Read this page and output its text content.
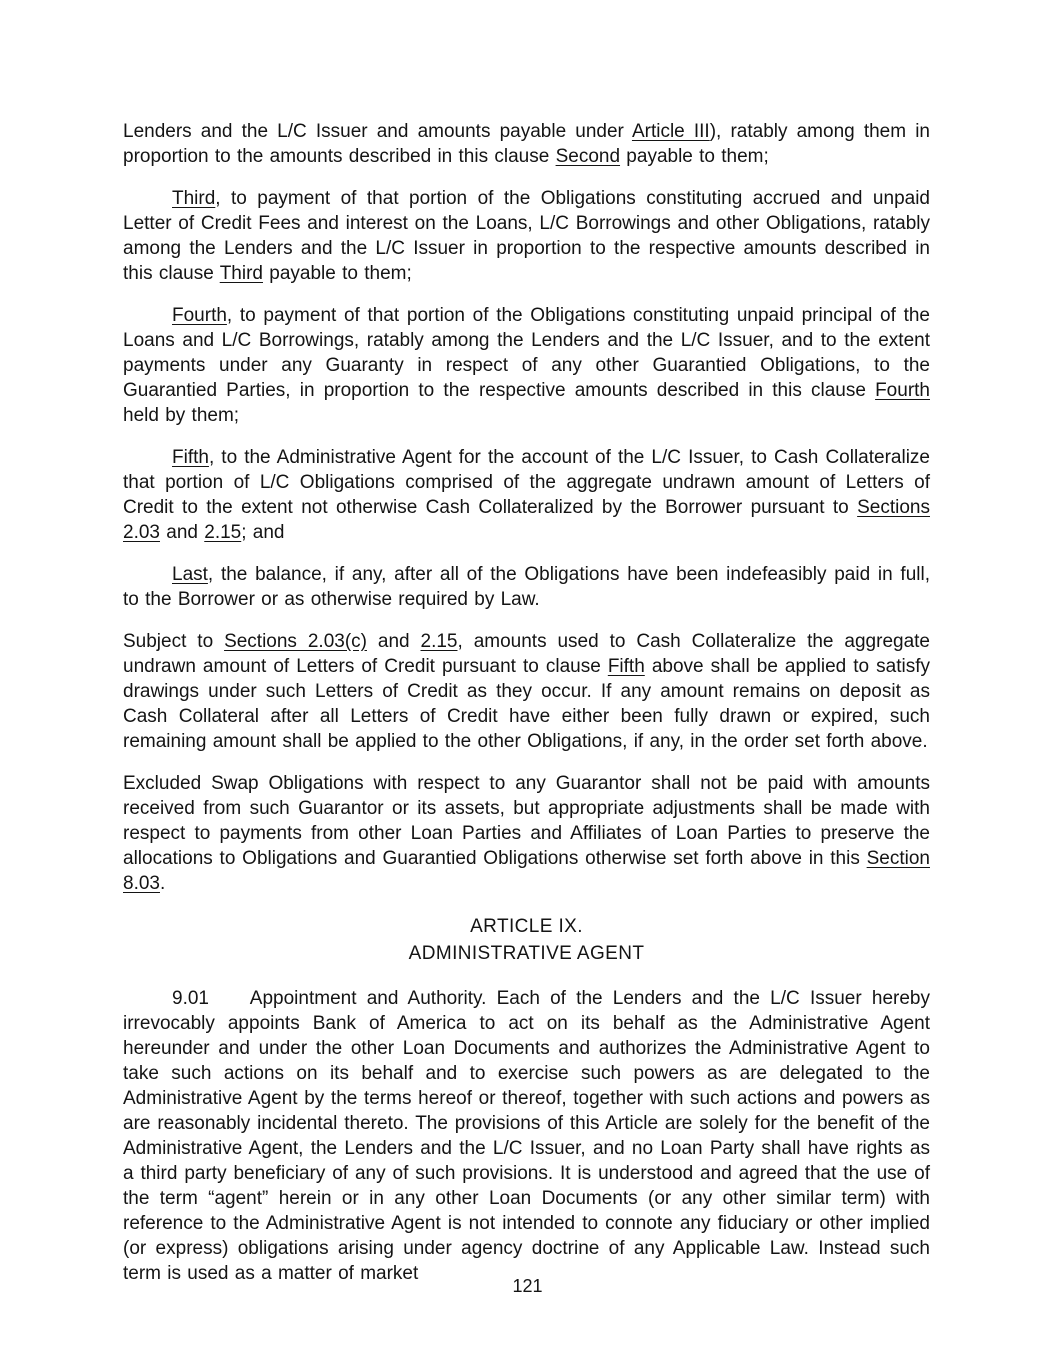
Lenders and the L/C Issuer and amounts payable under Article III), ratably among them in proportion to the amounts described in this clause Second payable to them;

Third, to payment of that portion of the Obligations constituting accrued and unpaid Letter of Credit Fees and interest on the Loans, L/C Borrowings and other Obligations, ratably among the Lenders and the L/C Issuer in proportion to the respective amounts described in this clause Third payable to them;

Fourth, to payment of that portion of the Obligations constituting unpaid principal of the Loans and L/C Borrowings, ratably among the Lenders and the L/C Issuer, and to the extent payments under any Guaranty in respect of any other Guarantied Obligations, to the Guarantied Parties, in proportion to the respective amounts described in this clause Fourth held by them;

Fifth, to the Administrative Agent for the account of the L/C Issuer, to Cash Collateralize that portion of L/C Obligations comprised of the aggregate undrawn amount of Letters of Credit to the extent not otherwise Cash Collateralized by the Borrower pursuant to Sections 2.03 and 2.15; and

Last, the balance, if any, after all of the Obligations have been indefeasibly paid in full, to the Borrower or as otherwise required by Law.

Subject to Sections 2.03(c) and 2.15, amounts used to Cash Collateralize the aggregate undrawn amount of Letters of Credit pursuant to clause Fifth above shall be applied to satisfy drawings under such Letters of Credit as they occur. If any amount remains on deposit as Cash Collateral after all Letters of Credit have either been fully drawn or expired, such remaining amount shall be applied to the other Obligations, if any, in the order set forth above.

Excluded Swap Obligations with respect to any Guarantor shall not be paid with amounts received from such Guarantor or its assets, but appropriate adjustments shall be made with respect to payments from other Loan Parties and Affiliates of Loan Parties to preserve the allocations to Obligations and Guarantied Obligations otherwise set forth above in this Section 8.03.

ARTICLE IX.
ADMINISTRATIVE AGENT

9.01    Appointment and Authority. Each of the Lenders and the L/C Issuer hereby irrevocably appoints Bank of America to act on its behalf as the Administrative Agent hereunder and under the other Loan Documents and authorizes the Administrative Agent to take such actions on its behalf and to exercise such powers as are delegated to the Administrative Agent by the terms hereof or thereof, together with such actions and powers as are reasonably incidental thereto. The provisions of this Article are solely for the benefit of the Administrative Agent, the Lenders and the L/C Issuer, and no Loan Party shall have rights as a third party beneficiary of any of such provisions. It is understood and agreed that the use of the term “agent” herein or in any other Loan Documents (or any other similar term) with reference to the Administrative Agent is not intended to connote any fiduciary or other implied (or express) obligations arising under agency doctrine of any Applicable Law. Instead such term is used as a matter of market

121
